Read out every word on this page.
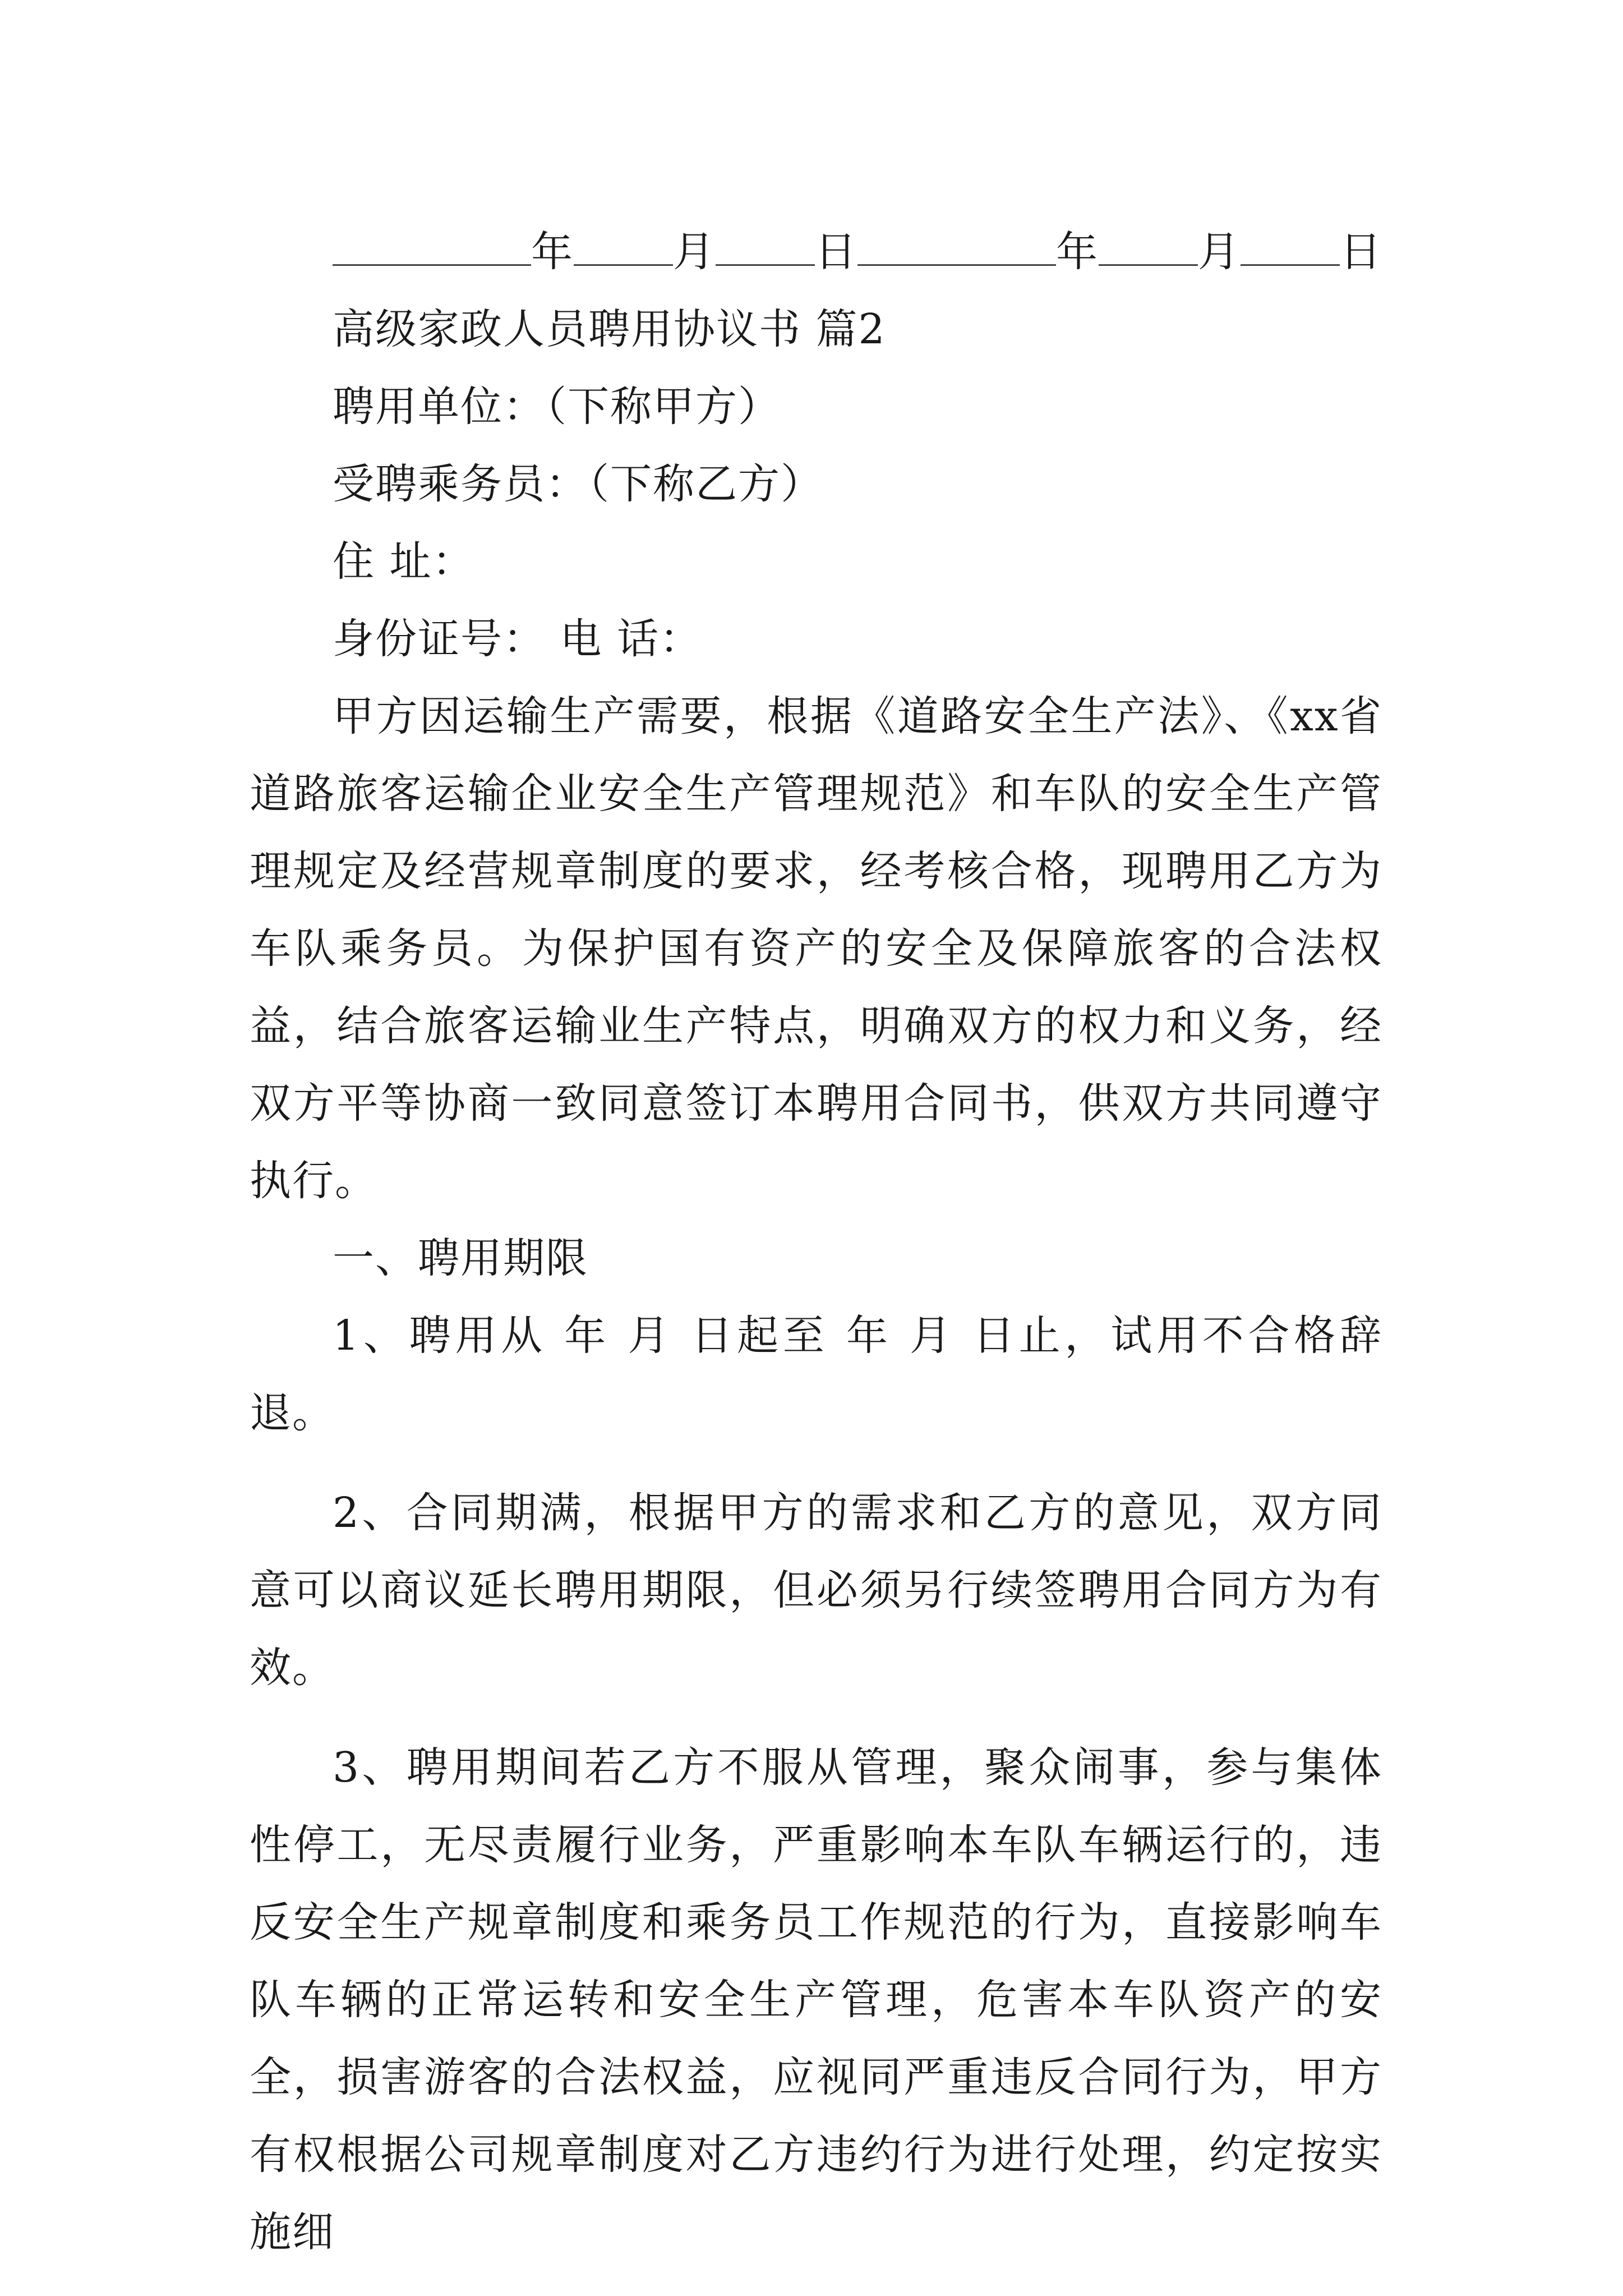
年 月 日	年 月 日
高级家政人员聘用协议书 篇2
聘用单位：（下称甲方）
受聘乘务员：（下称乙方）
住 址：
身份证号： 电 话：

甲方因运输生产需要，根据《道路安全生产法》、《xx省道路旅客运输企业安全生产管理规范》和车队的安全生产管理规定及经营规章制度的要求，经考核合格，现聘用乙方为车队乘务员。为保护国有资产的安全及保障旅客的合法权益，结合旅客运输业生产特点，明确双方的权力和义务，经双方平等协商一致同意签订本聘用合同书，供双方共同遵守执行。

一、聘用期限

1、聘用从 年 月 日起至 年 月 日止，试用不合格辞退。

2、合同期满，根据甲方的需求和乙方的意见，双方同意可以商议延长聘用期限，但必须另行续签聘用合同方为有效。

3、聘用期间若乙方不服从管理，聚众闹事，参与集体性停工，无尽责履行业务，严重影响本车队车辆运行的，违反安全生产规章制度和乘务员工作规范的行为，直接影响车队车辆的正常运转和安全生产管理，危害本车队资产的安全，损害游客的合法权益，应视同严重违反合同行为，甲方有权根据公司规章制度对乙方违约行为进行处理，约定按实施细
